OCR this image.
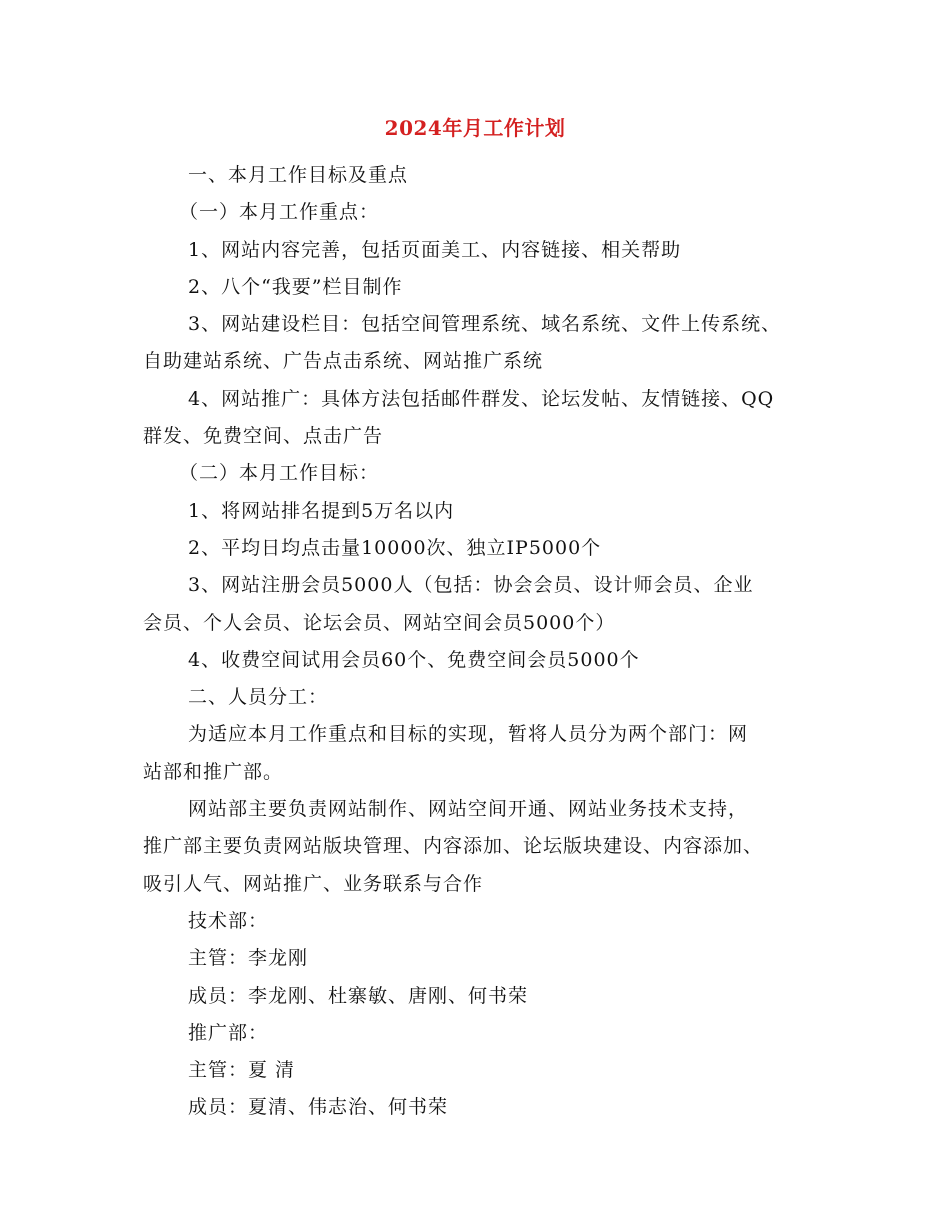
2024年月工作计划

一、本月工作目标及重点

（一）本月工作重点：

1、网站内容完善，包括页面美工、内容链接、相关帮助

2、八个“我要”栏目制作

3、网站建设栏目：包括空间管理系统、域名系统、文件上传系统、

自助建站系统、广告点击系统、网站推广系统

4、网站推广：具体方法包括邮件群发、论坛发帖、友情链接、QQ

群发、免费空间、点击广告

（二）本月工作目标：

1、将网站排名提到5万名以内

2、平均日均点击量10000次、独立IP5000个

3、网站注册会员5000人（包括：协会会员、设计师会员、企业

会员、个人会员、论坛会员、网站空间会员5000个）

4、收费空间试用会员60个、免费空间会员5000个

二、人员分工：

为适应本月工作重点和目标的实现，暂将人员分为两个部门：网

站部和推广部。

网站部主要负责网站制作、网站空间开通、网站业务技术支持，

推广部主要负责网站版块管理、内容添加、论坛版块建设、内容添加、

吸引人气、网站推广、业务联系与合作

技术部：

主管：李龙刚

成员：李龙刚、杜寨敏、唐刚、何书荣

推广部：

主管：夏 清

成员：夏清、伟志治、何书荣
